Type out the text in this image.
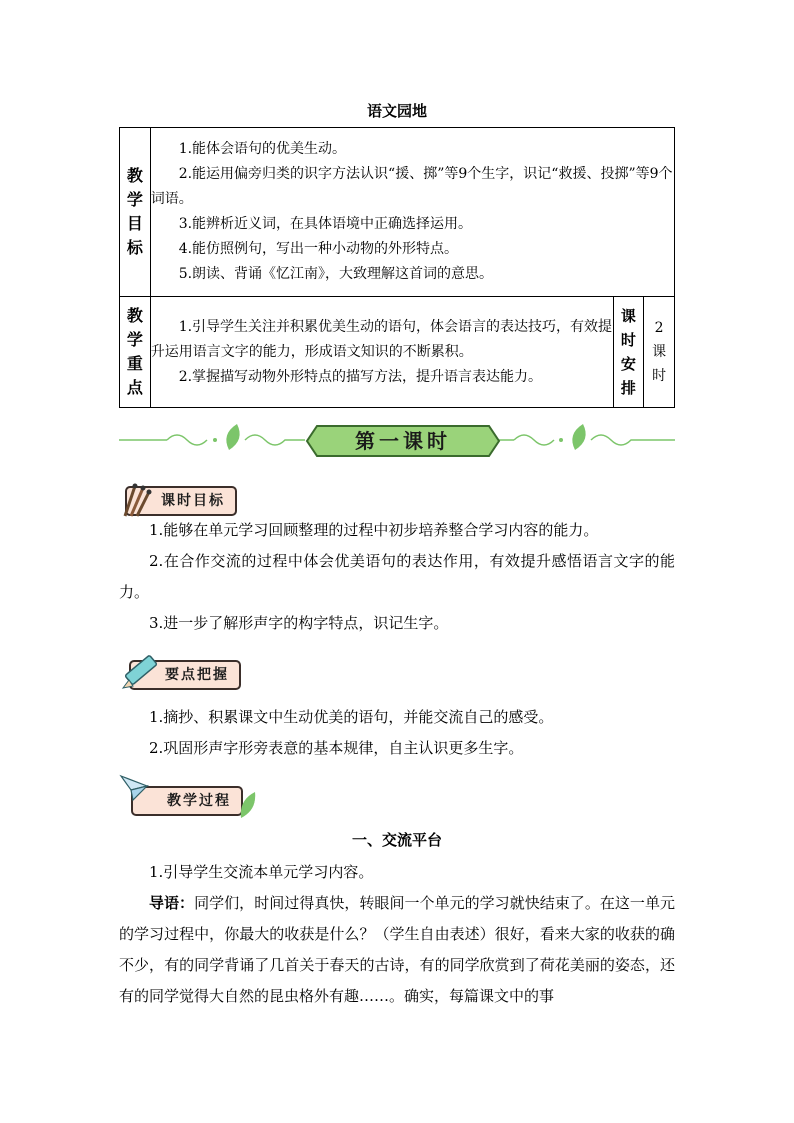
语文园地
教学目标	1.能体会语句的优美生动。

2.能运用偏旁归类的识字方法认识“援、掷”等9个生字，识记“救援、投掷”等9个词语。

3.能辨析近义词，在具体语境中正确选择运用。

4.能仿照例句，写出一种小动物的外形特点。

5.朗读、背诵《忆江南》，大致理解这首词的意思。		

教学重点	1.引导学生关注并积累优美生动的语句，体会语言的表达技巧，有效提升运用语言文字的能力，形成语文知识的不断累积。

2.掌握描写动物外形特点的描写方法，提升语言表达能力。	课时安排	2课时
第一课时
课时目标

1.能够在单元学习回顾整理的过程中初步培养整合学习内容的能力。

2.在合作交流的过程中体会优美语句的表达作用，有效提升感悟语言文字的能力。

3.进一步了解形声字的构字特点，识记生字。

要点把握

1.摘抄、积累课文中生动优美的语句，并能交流自己的感受。

2.巩固形声字形旁表意的基本规律，自主认识更多生字。

教学过程
一、交流平台

1.引导学生交流本单元学习内容。

导语：同学们，时间过得真快，转眼间一个单元的学习就快结束了。在这一单元的学习过程中，你最大的收获是什么？（学生自由表述）很好，看来大家的收获的确不少，有的同学背诵了几首关于春天的古诗，有的同学欣赏到了荷花美丽的姿态，还有的同学觉得大自然的昆虫格外有趣……。确实，每篇课文中的事
